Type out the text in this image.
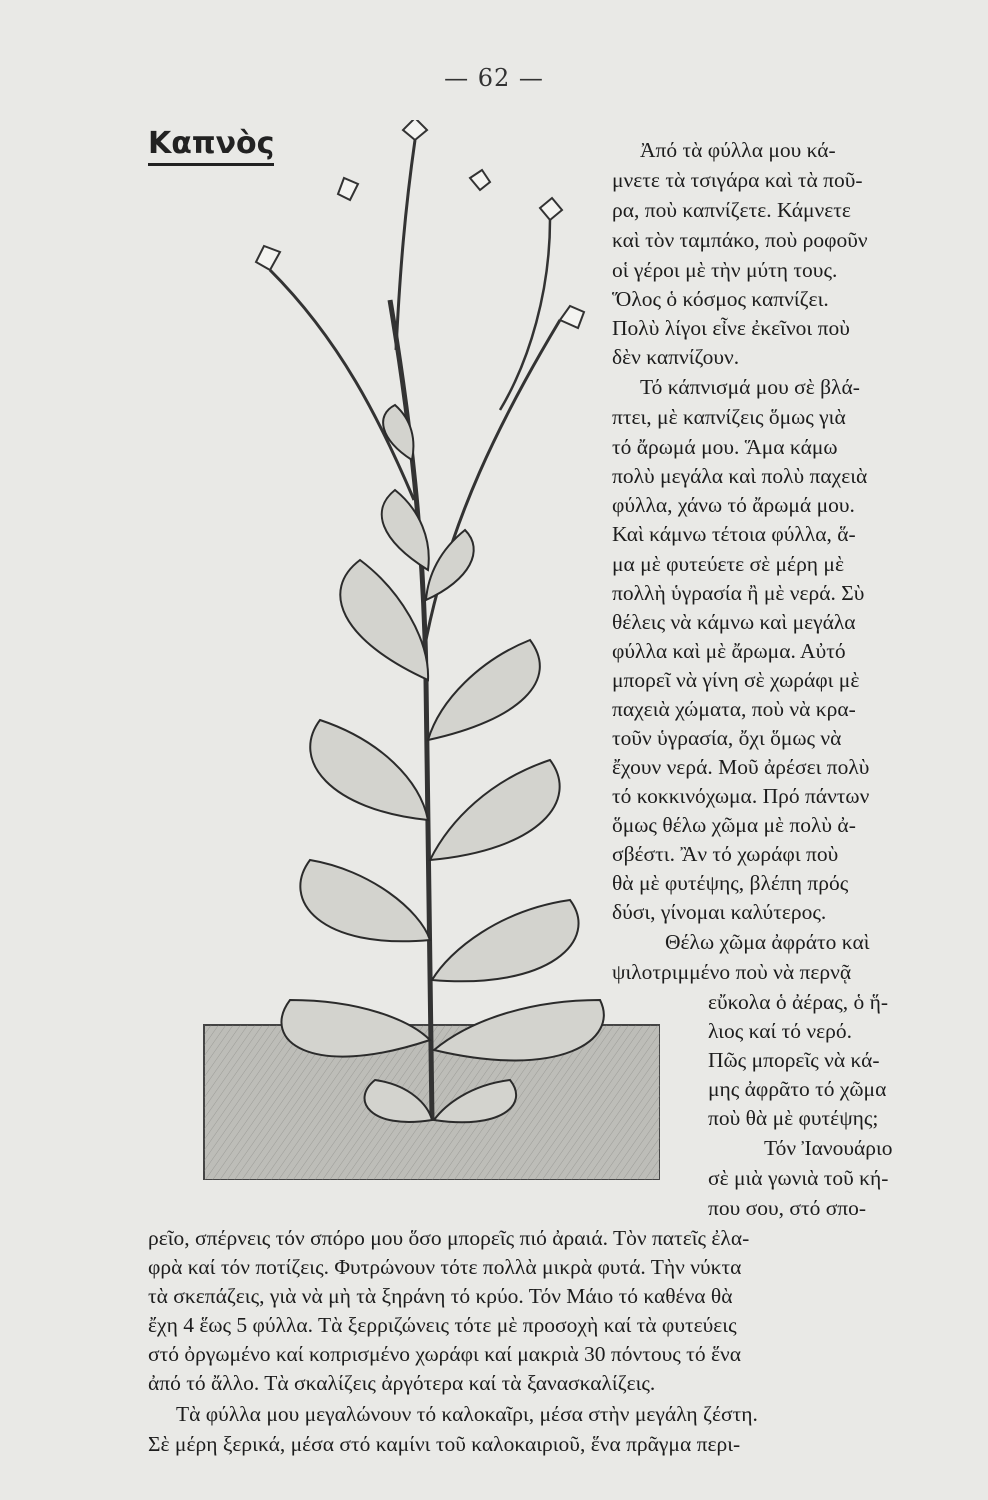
— 62 —
Καπνὸς	Ἀπό τὰ φύλλα μου κά-
μνετε τὰ τσιγάρα καὶ τὰ ποῦ-
ρα, ποὺ καπνίζετε. Κάμνετε
καὶ τὸν ταμπάκο, ποὺ ροφοῦν
οἱ γέροι μὲ τὴν μύτη τους.
Ὅλος ὁ κόσμος καπνίζει.
Πολὺ λίγοι εἶνε ἐκεῖνοι ποὺ
δὲν καπνίζουν.
Τό κάπνισμά μου σὲ βλά-
πτει, μὲ καπνίζεις ὅμως γιὰ
τό ἄρωμά μου. Ἅμα κάμω
πολὺ μεγάλα καὶ πολὺ παχειὰ
φύλλα, χάνω τό ἄρωμά μου.
Καὶ κάμνω τέτοια φύλλα, ἅ-
μα μὲ φυτεύετε σὲ μέρη μὲ
πολλὴ ὑγρασία ἢ μὲ νερά. Σὺ
θέλεις νὰ κάμνω καὶ μεγάλα
φύλλα καὶ μὲ ἄρωμα. Αὐτό
μπορεῖ νὰ γίνη σὲ χωράφι μὲ
παχειὰ χώματα, ποὺ νὰ κρα-
τοῦν ὑγρασία, ὄχι ὅμως νὰ
ἔχουν νερά. Μοῦ ἀρέσει πολὺ
τό κοκκινόχωμα. Πρό πάντων
ὅμως θέλω χῶμα μὲ πολὺ ἀ-
σβέστι. Ἂν τό χωράφι ποὺ
θὰ μὲ φυτέψης, βλέπη πρός
δύσι, γίνομαι καλύτερος.
Θέλω χῶμα ἀφράτο καὶ
ψιλοτριμμένο ποὺ νὰ περνᾷ
εὔκολα ὁ ἀέρας, ὁ ἥ-
λιος καί τό νερό.
Πῶς μπορεῖς νὰ κά-
μης ἀφρᾶτο τό χῶμα
ποὺ θὰ μὲ φυτέψης;
Τόν Ἰανουάριο
σὲ μιὰ γωνιὰ τοῦ κή-
που σου, στό σπο-
ρεῖο, σπέρνεις τόν σπόρο μου ὅσο μπορεῖς πιό ἀραιά. Τὸν πατεῖς ἐλα-
φρὰ καί τόν ποτίζεις. Φυτρώνουν τότε πολλὰ μικρὰ φυτά. Τὴν νύκτα
τὰ σκεπάζεις, γιὰ νὰ μὴ τὰ ξηράνη τό κρύο. Τόν Μάιο τό καθένα θὰ
ἔχη 4 ἕως 5 φύλλα. Τὰ ξερριζώνεις τότε μὲ προσοχὴ καί τὰ φυτεύεις
στό ὀργωμένο καί κοπρισμένο χωράφι καί μακριὰ 30 πόντους τό ἕνα
ἀπό τό ἄλλο. Τὰ σκαλίζεις ἀργότερα καί τὰ ξανασκαλίζεις.
Τὰ φύλλα μου μεγαλώνουν τό καλοκαῖρι, μέσα στὴν μεγάλη ζέστη.
Σὲ μέρη ξερικά, μέσα στό καμίνι τοῦ καλοκαιριοῦ, ἕνα πρᾶγμα περι-
